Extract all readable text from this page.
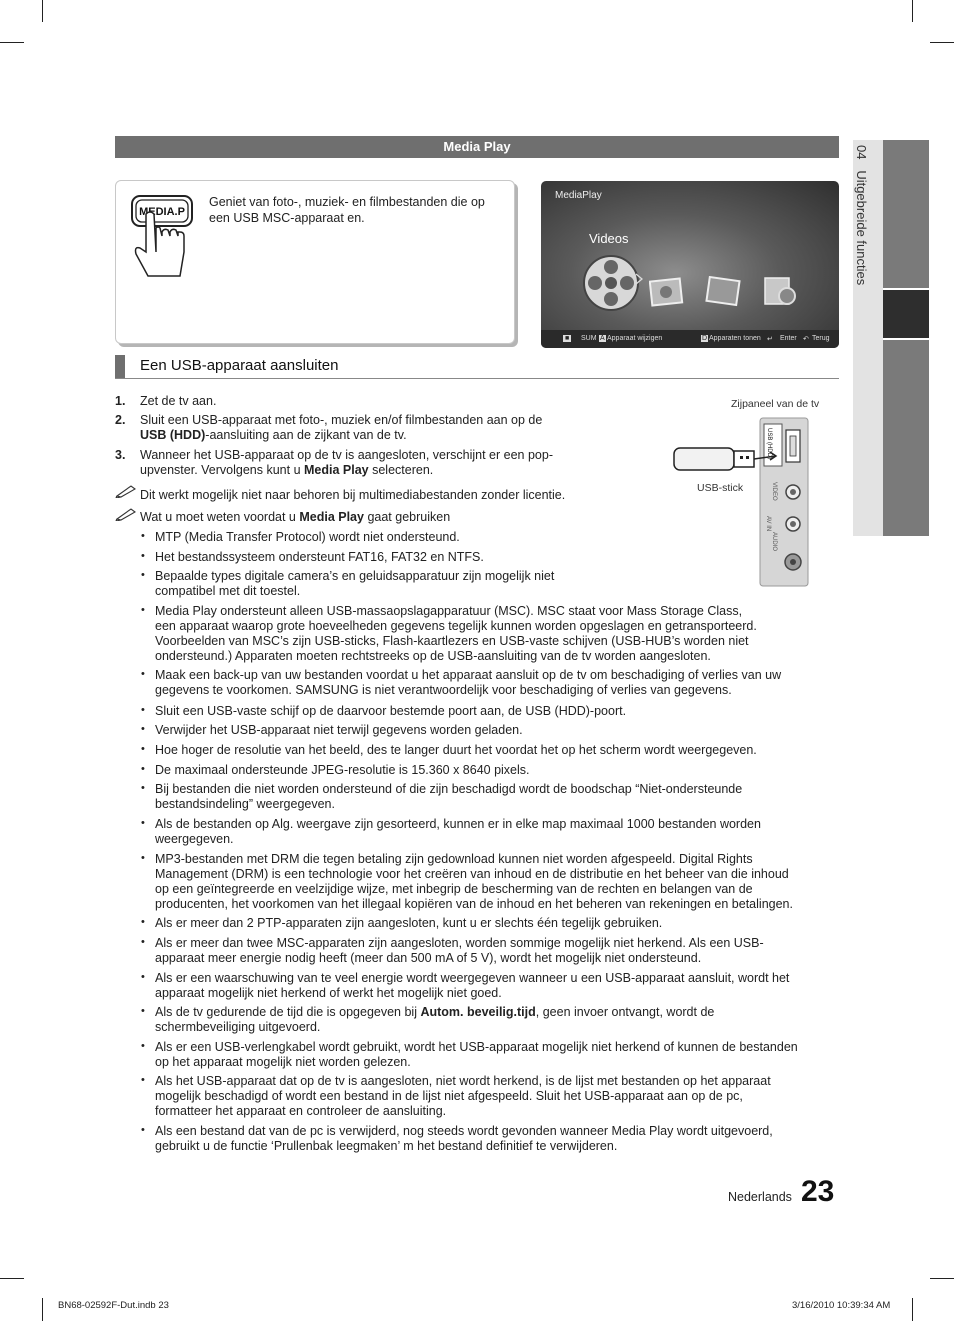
Media Play	04   Uitgebreide functies
MEDIA.P
Geniet van foto-, muziek- en filmbestanden die op een USB MSC-apparaat en.
MediaPlay
Videos
■ SUM A Apparaat wijzigen	D Apparaten tonen ↵ Enter ↶ Terug
Een USB-apparaat aansluiten
1. Zet de tv aan.
2. Sluit een USB-apparaat met foto-, muziek en/of filmbestanden aan op de
USB (HDD)-aansluiting aan de zijkant van de tv.
3. Wanneer het USB-apparaat op de tv is aangesloten, verschijnt er een pop-
upvenster. Vervolgens kunt u Media Play selecteren.
Dit werkt mogelijk niet naar behoren bij multimediabestanden zonder licentie.
Wat u moet weten voordat u Media Play gaat gebruiken
Zijpaneel van de tv
USB-stick
USB (HDD)
VIDEO
AUDIO
AV IN
• MTP (Media Transfer Protocol) wordt niet ondersteund.
• Het bestandssysteem ondersteunt FAT16, FAT32 en NTFS.
• Bepaalde types digitale camera’s en geluidsapparatuur zijn mogelijk niet
compatibel met dit toestel.
• Media Play ondersteunt alleen USB-massaopslagapparatuur (MSC). MSC staat voor Mass Storage Class,
een apparaat waarop grote hoeveelheden gegevens tegelijk kunnen worden opgeslagen en getransporteerd.
Voorbeelden van MSC’s zijn USB-sticks, Flash-kaartlezers en USB-vaste schijven (USB-HUB’s worden niet
ondersteund.) Apparaten moeten rechtstreeks op de USB-aansluiting van de tv worden aangesloten.
• Maak een back-up van uw bestanden voordat u het apparaat aansluit op de tv om beschadiging of verlies van uw
gegevens te voorkomen. SAMSUNG is niet verantwoordelijk voor beschadiging of verlies van gegevens.
• Sluit een USB-vaste schijf op de daarvoor bestemde poort aan, de USB (HDD)-poort.
• Verwijder het USB-apparaat niet terwijl gegevens worden geladen.
• Hoe hoger de resolutie van het beeld, des te langer duurt het voordat het op het scherm wordt weergegeven.
• De maximaal ondersteunde JPEG-resolutie is 15.360 x 8640 pixels.
• Bij bestanden die niet worden ondersteund of die zijn beschadigd wordt de boodschap “Niet-ondersteunde
bestandsindeling” weergegeven.
• Als de bestanden op Alg. weergave zijn gesorteerd, kunnen er in elke map maximaal 1000 bestanden worden
weergegeven.
• MP3-bestanden met DRM die tegen betaling zijn gedownload kunnen niet worden afgespeeld. Digital Rights
Management (DRM) is een technologie voor het creëren van inhoud en de distributie en het beheer van die inhoud
op een geïntegreerde en veelzijdige wijze, met inbegrip de bescherming van de rechten en belangen van de
producenten, het voorkomen van het illegaal kopiëren van de inhoud en het beheren van rekeningen en betalingen.
• Als er meer dan 2 PTP-apparaten zijn aangesloten, kunt u er slechts één tegelijk gebruiken.
• Als er meer dan twee MSC-apparaten zijn aangesloten, worden sommige mogelijk niet herkend. Als een USB-
apparaat meer energie nodig heeft (meer dan 500 mA of 5 V), wordt het mogelijk niet ondersteund.
• Als er een waarschuwing van te veel energie wordt weergegeven wanneer u een USB-apparaat aansluit, wordt het
apparaat mogelijk niet herkend of werkt het mogelijk niet goed.
• Als de tv gedurende de tijd die is opgegeven bij Autom. beveilig.tijd, geen invoer ontvangt, wordt de
schermbeveiliging uitgevoerd.
• Als er een USB-verlengkabel wordt gebruikt, wordt het USB-apparaat mogelijk niet herkend of kunnen de bestanden
op het apparaat mogelijk niet worden gelezen.
• Als het USB-apparaat dat op de tv is aangesloten, niet wordt herkend, is de lijst met bestanden op het apparaat
mogelijk beschadigd of wordt een bestand in de lijst niet afgespeeld. Sluit het USB-apparaat aan op de pc,
formatteer het apparaat en controleer de aansluiting.
• Als een bestand dat van de pc is verwijderd, nog steeds wordt gevonden wanneer Media Play wordt uitgevoerd,
gebruikt u de functie ‘Prullenbak leegmaken’ m het bestand definitief te verwijderen.
Nederlands 23
BN68-02592F-Dut.indb 23	3/16/2010 10:39:34 AM
